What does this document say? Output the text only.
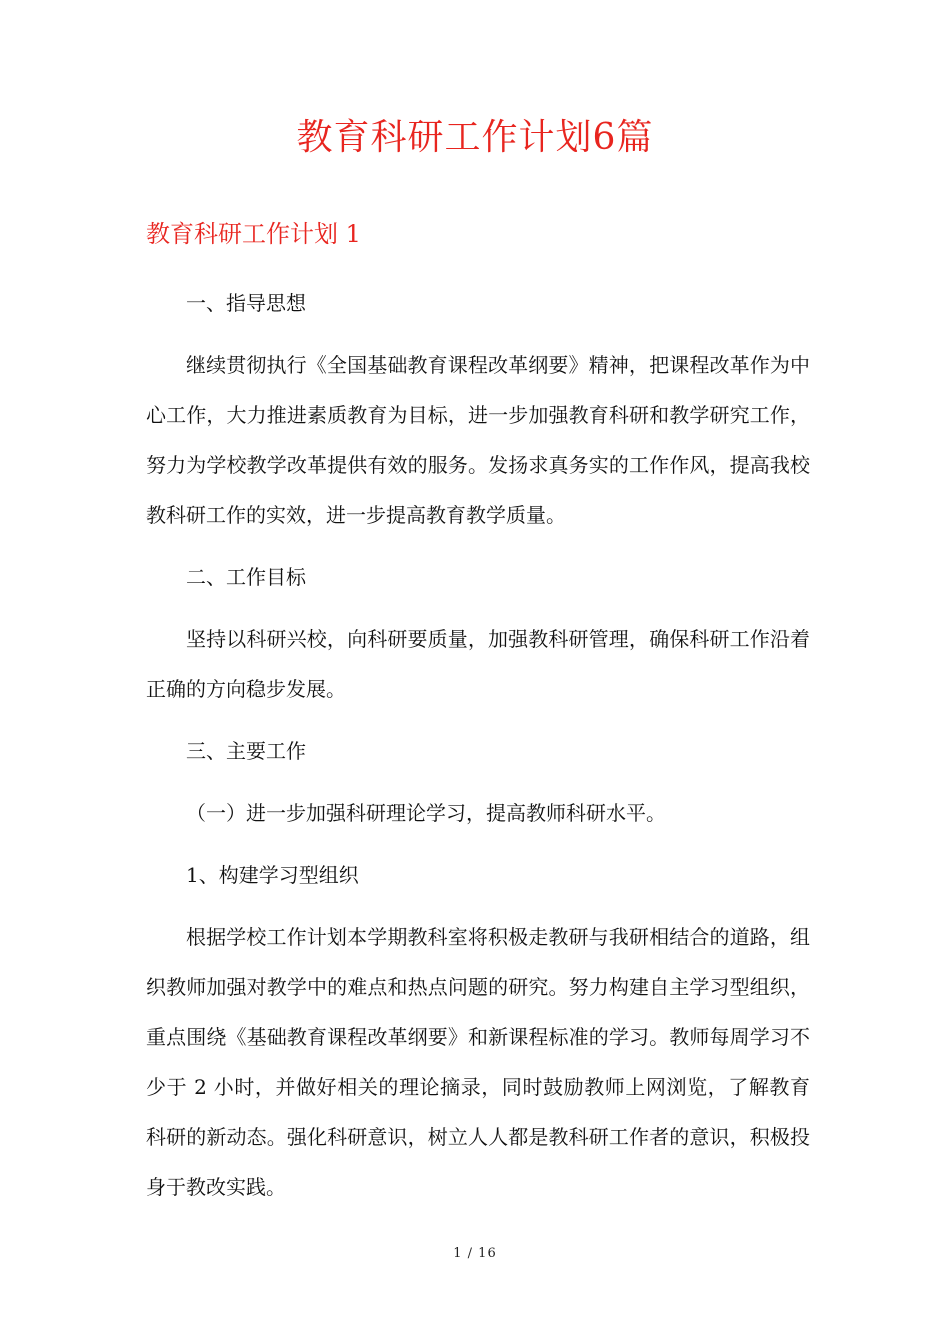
教育科研工作计划6篇
教育科研工作计划 1

一、指导思想

继续贯彻执行《全国基础教育课程改革纲要》精神，把课程改革作为中心工作，大力推进素质教育为目标，进一步加强教育科研和教学研究工作，努力为学校教学改革提供有效的服务。发扬求真务实的工作作风，提高我校教科研工作的实效，进一步提高教育教学质量。

二、工作目标

坚持以科研兴校，向科研要质量，加强教科研管理，确保科研工作沿着正确的方向稳步发展。

三、主要工作

（一）进一步加强科研理论学习，提高教师科研水平。

1、构建学习型组织

根据学校工作计划本学期教科室将积极走教研与我研相结合的道路，组织教师加强对教学中的难点和热点问题的研究。努力构建自主学习型组织，重点围绕《基础教育课程改革纲要》和新课程标准的学习。教师每周学习不少于 2 小时，并做好相关的理论摘录，同时鼓励教师上网浏览，了解教育科研的新动态。强化科研意识，树立人人都是教科研工作者的意识，积极投身于教改实践。

1 / 16
